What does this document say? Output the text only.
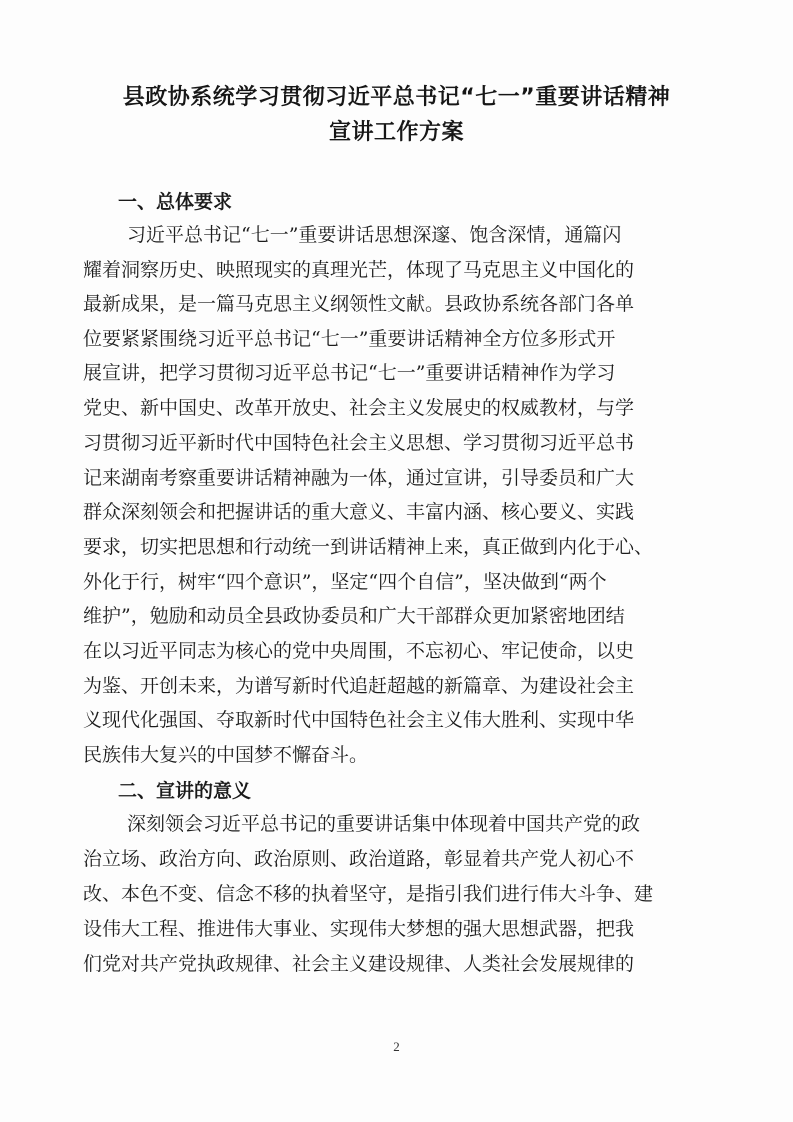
县政协系统学习贯彻习近平总书记“七一”重要讲话精神
宣讲工作方案
一、总体要求
习近平总书记“七一”重要讲话思想深邃、饱含深情，通篇闪
耀着洞察历史、映照现实的真理光芒，体现了马克思主义中国化的
最新成果，是一篇马克思主义纲领性文献。县政协系统各部门各单
位要紧紧围绕习近平总书记“七一”重要讲话精神全方位多形式开
展宣讲，把学习贯彻习近平总书记“七一”重要讲话精神作为学习
党史、新中国史、改革开放史、社会主义发展史的权威教材，与学
习贯彻习近平新时代中国特色社会主义思想、学习贯彻习近平总书
记来湖南考察重要讲话精神融为一体，通过宣讲，引导委员和广大
群众深刻领会和把握讲话的重大意义、丰富内涵、核心要义、实践
要求，切实把思想和行动统一到讲话精神上来，真正做到内化于心、
外化于行，树牢“四个意识”，坚定“四个自信”，坚决做到“两个
维护”，勉励和动员全县政协委员和广大干部群众更加紧密地团结
在以习近平同志为核心的党中央周围，不忘初心、牢记使命，以史
为鉴、开创未来，为谱写新时代追赶超越的新篇章、为建设社会主
义现代化强国、夺取新时代中国特色社会主义伟大胜利、实现中华
民族伟大复兴的中国梦不懈奋斗。
二、宣讲的意义
深刻领会习近平总书记的重要讲话集中体现着中国共产党的政
治立场、政治方向、政治原则、政治道路，彰显着共产党人初心不
改、本色不变、信念不移的执着坚守，是指引我们进行伟大斗争、建
设伟大工程、推进伟大事业、实现伟大梦想的强大思想武器，把我
们党对共产党执政规律、社会主义建设规律、人类社会发展规律的
2
